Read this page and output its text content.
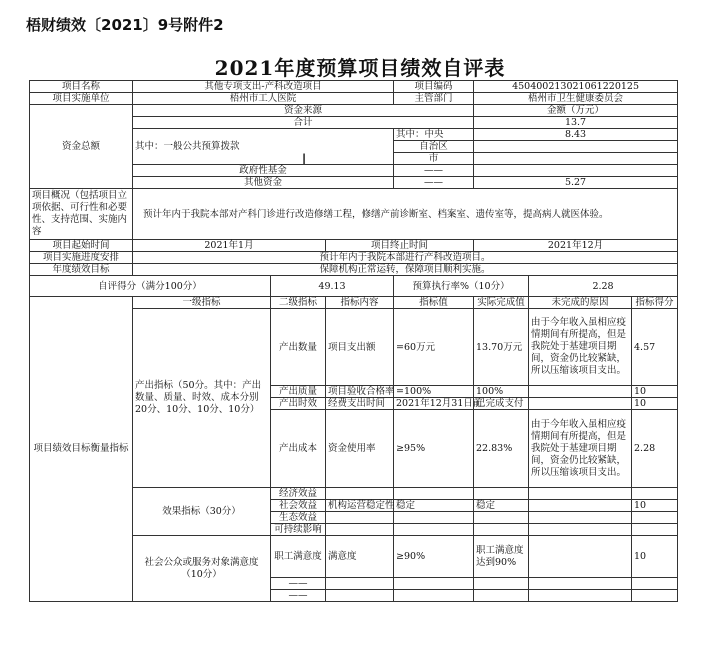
梧财绩效〔2021〕9号附件2
2021年度预算项目绩效自评表
项目名称	其他专项支出-产科改造项目			项目编码	450400213021061220125		
项目实施单位	梧州市工人医院			主管部门	梧州市卫生健康委员会		
资金总额	资金来源				金额（万元）		
	合计				13.7		
	其中：一般公共预算拨款			其中：中央	8.43		
				自治区			
				市			
	政府性基金			——			
	其他资金			——	5.27		
项目概况（包括项目立项依据、可行性和必要性、支持范围、实施内容	预计年内于我院本部对产科门诊进行改造修缮工程，修缮产前诊断室、档案室、遗传室等，提高病人就医体验。						
项目起始时间	2021年1月		项目终止时间		2021年12月		
项目实施进度安排	预计年内于我院本部进行产科改造项目。						
年度绩效目标	保障机构正常运转，保障项目顺利实施。						
自评得分（满分100分）		49.13		预算执行率%（10分）		2.28	
项目绩效目标衡量指标	一级指标	二级指标	指标内容	指标值	实际完成值	未完成的原因	指标得分
	产出指标（50分。其中：产出数量、质量、时效、成本分别20分、10分、10分、10分）	产出数量	项目支出额	=60万元	13.70万元	由于今年收入虽相应疫情期间有所提高，但是我院处于基建项目期间，资金仍比较紧缺，所以压缩该项目支出。	4.57
		产出质量	项目验收合格率	=100%	100%		10
		产出时效	经费支出时间	2021年12月31日前	已完成支付		10
		产出成本	资金使用率	≥95%	22.83%	由于今年收入虽相应疫情期间有所提高，但是我院处于基建项目期间，资金仍比较紧缺，所以压缩该项目支出。	2.28
	效果指标（30分）	经济效益					
		社会效益	机构运营稳定性	稳定	稳定		10
		生态效益					
		可持续影响					
	社会公众或服务对象满意度（10分）	职工满意度	满意度	≥90%	职工满意度达到90%		10
		——					
		——					
I
